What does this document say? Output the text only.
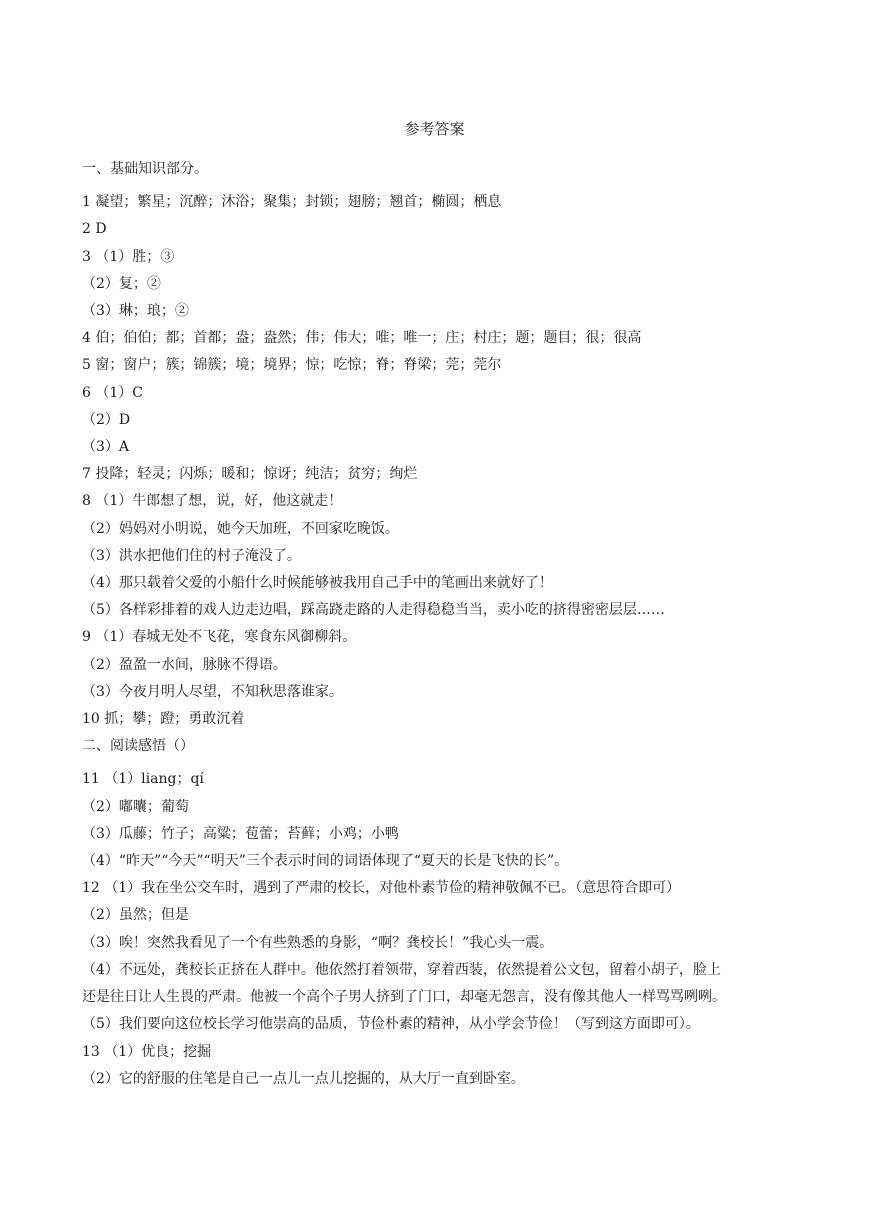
参考答案
一、基础知识部分。
1 凝望；繁星；沉醉；沐浴；聚集；封锁；翅膀；翘首；椭圆；栖息
2 D
3 （1）胜；③
（2）复；②
（3）琳；琅；②
4 伯；伯伯；都；首都；盎；盎然；伟；伟大；唯；唯一；庄；村庄；题；题目；很；很高
5 窗；窗户；簇；锦簇；境；境界；惊；吃惊；脊；脊梁；莞；莞尔
6 （1）C
（2）D
（3）A
7 投降；轻灵；闪烁；暖和；惊讶；纯洁；贫穷；绚烂
8 （1）牛郎想了想，说，好，他这就走！
（2）妈妈对小明说，她今天加班，不回家吃晚饭。
（3）洪水把他们住的村子淹没了。
（4）那只载着父爱的小船什么时候能够被我用自己手中的笔画出来就好了！
（5）各样彩排着的戏人边走边唱，踩高跷走路的人走得稳稳当当，卖小吃的挤得密密层层……
9 （1）春城无处不飞花，寒食东风御柳斜。
（2）盈盈一水间，脉脉不得语。
（3）今夜月明人尽望，不知秋思落谁家。
10 抓；攀；蹬；勇敢沉着
二、阅读感悟（）
11 （1）liang；qí
（2）嘟囔；葡萄
（3）瓜藤；竹子；高粱；苞蕾；苔藓；小鸡；小鸭
（4）“昨天”“今天”“明天”三个表示时间的词语体现了“夏天的长是飞快的长”。
12 （1）我在坐公交车时，遇到了严肃的校长，对他朴素节俭的精神敬佩不已。（意思符合即可）
（2）虽然；但是
（3）唉！突然我看见了一个有些熟悉的身影，“啊？龚校长！”我心头一震。
（4）不远处，龚校长正挤在人群中。他依然打着领带，穿着西装，依然提着公文包，留着小胡子，脸上
还是往日让人生畏的严肃。他被一个高个子男人挤到了门口，却毫无怨言，没有像其他人一样骂骂咧咧。
（5）我们要向这位校长学习他崇高的品质，节俭朴素的精神，从小学会节俭！（写到这方面即可）。
13 （1）优良；挖掘
（2）它的舒服的住笔是自己一点儿一点儿挖掘的，从大厅一直到卧室。
